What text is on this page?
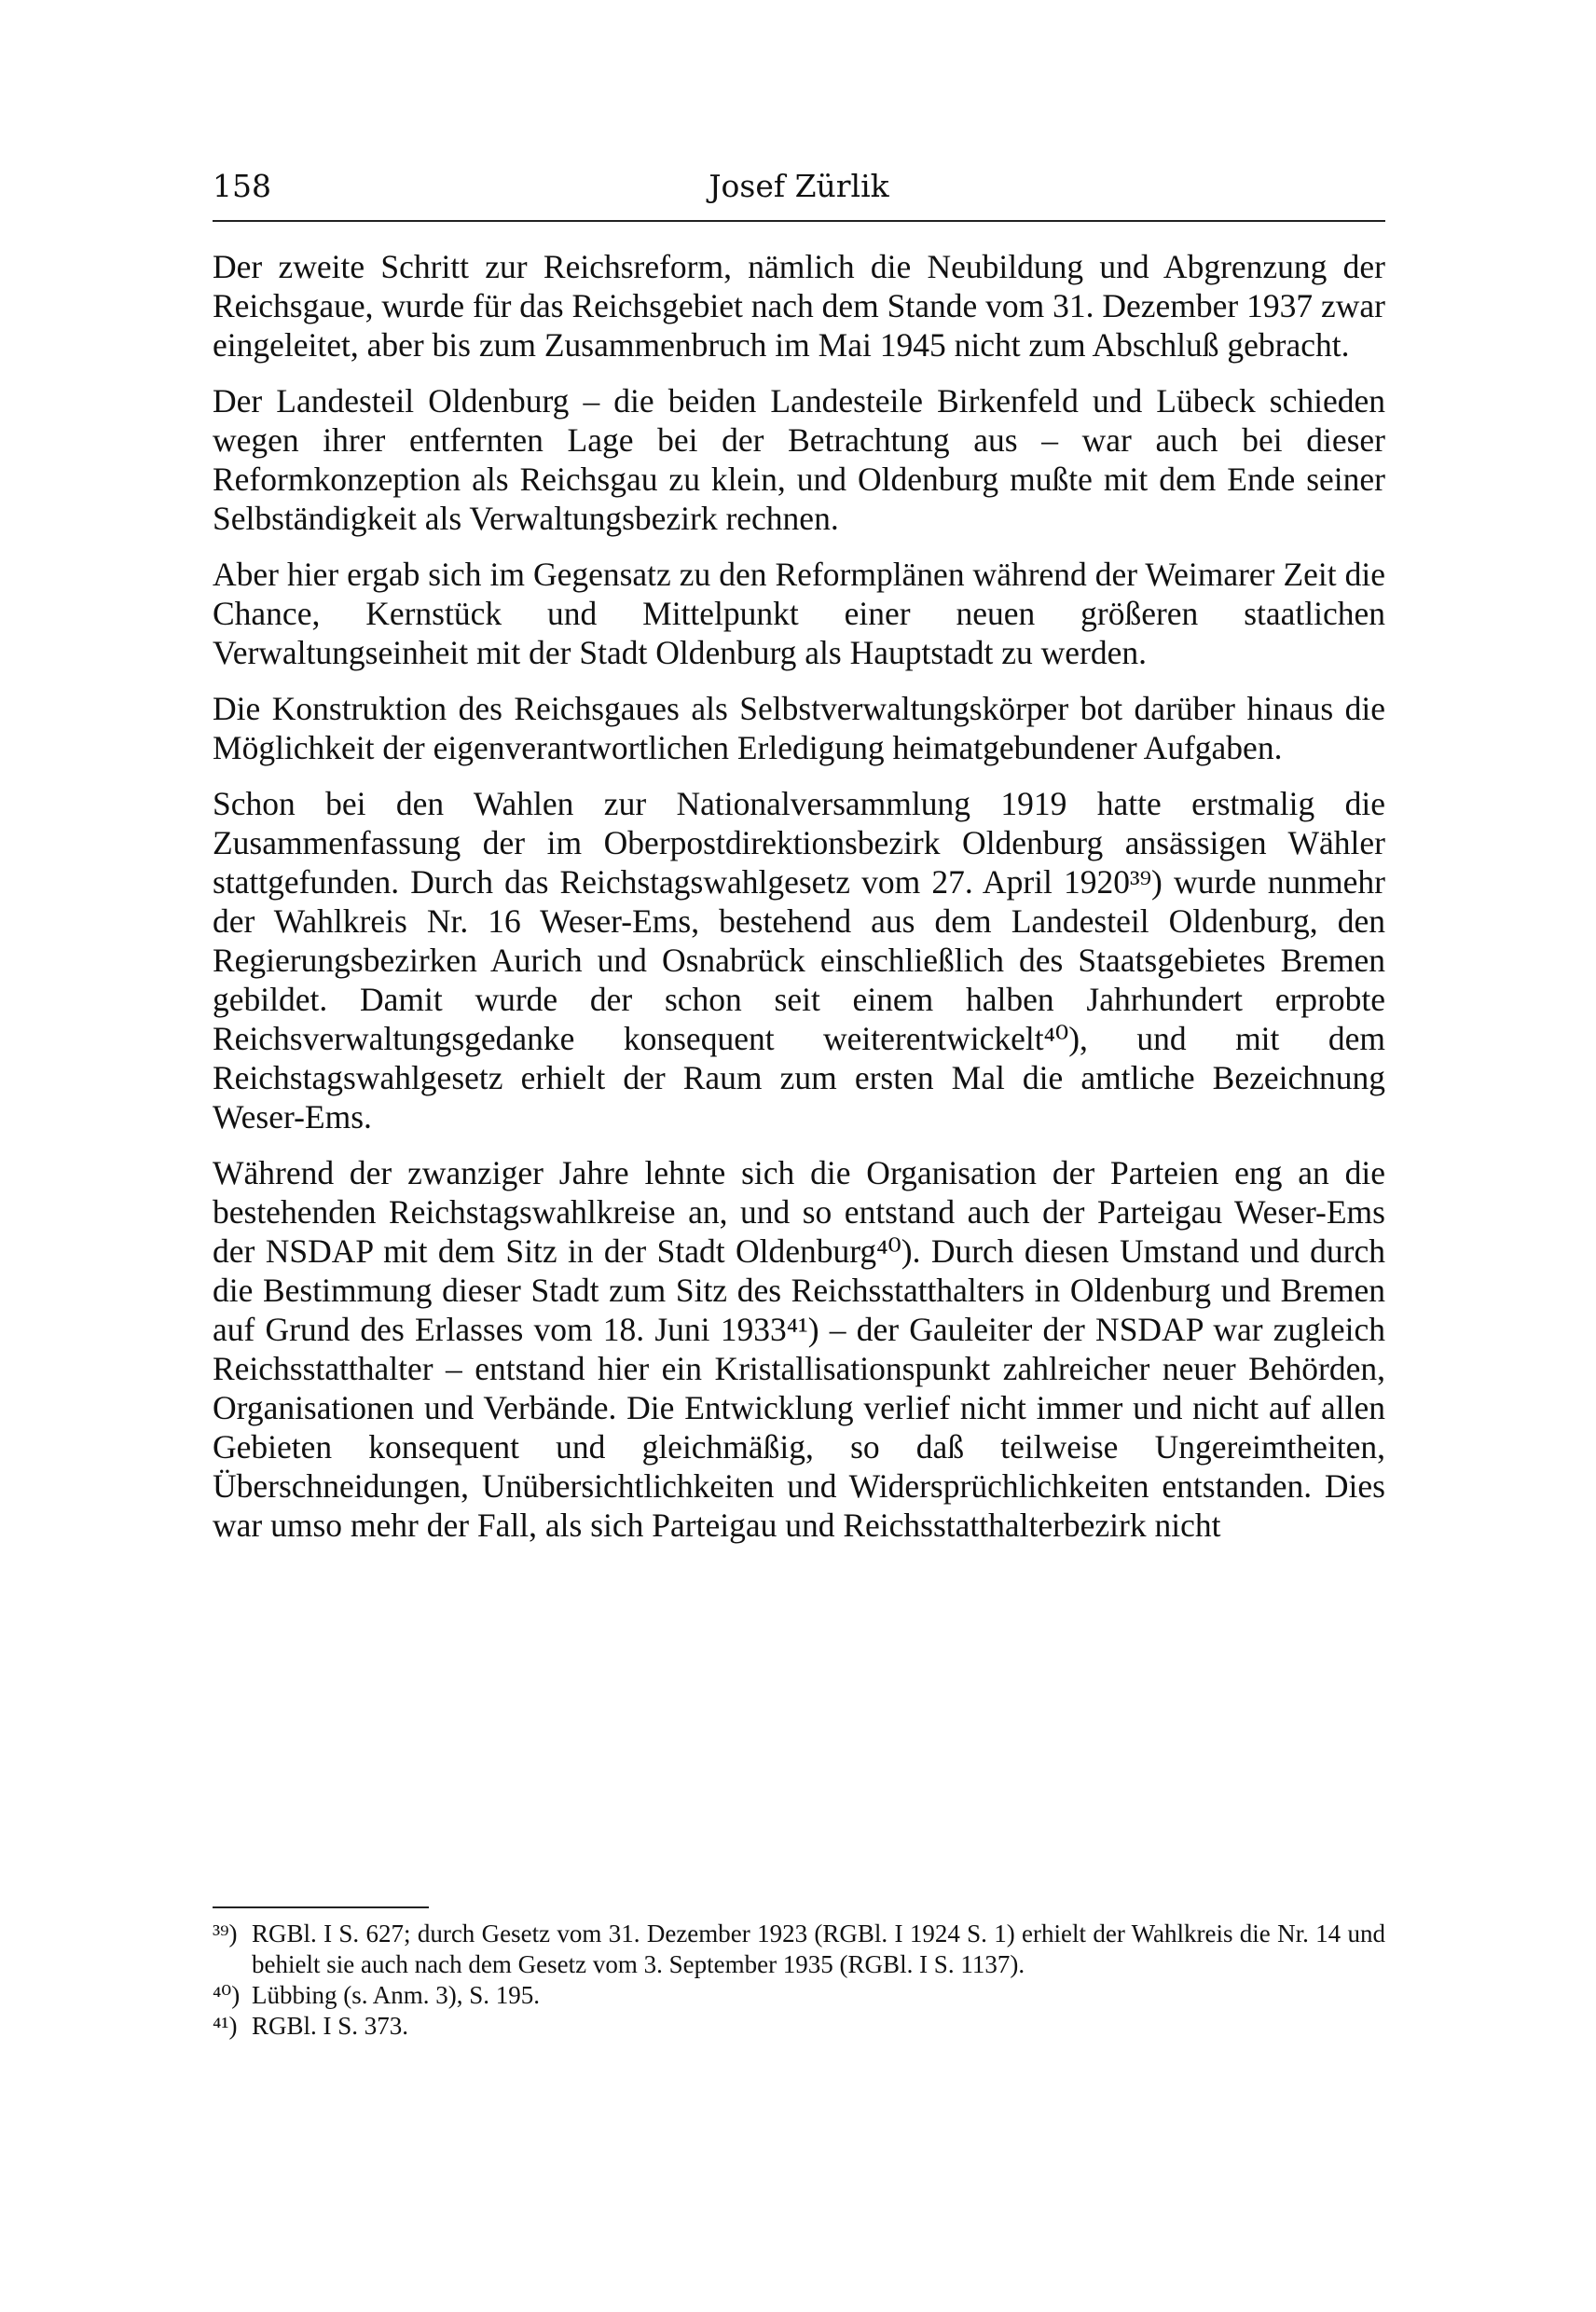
158	Josef Zürlik

Der zweite Schritt zur Reichsreform, nämlich die Neubildung und Abgrenzung der Reichsgaue, wurde für das Reichsgebiet nach dem Stande vom 31. Dezember 1937 zwar eingeleitet, aber bis zum Zusammenbruch im Mai 1945 nicht zum Abschluß gebracht.

Der Landesteil Oldenburg – die beiden Landesteile Birkenfeld und Lübeck schieden wegen ihrer entfernten Lage bei der Betrachtung aus – war auch bei dieser Reformkonzeption als Reichsgau zu klein, und Oldenburg mußte mit dem Ende seiner Selbständigkeit als Verwaltungsbezirk rechnen.

Aber hier ergab sich im Gegensatz zu den Reformplänen während der Weimarer Zeit die Chance, Kernstück und Mittelpunkt einer neuen größeren staatlichen Verwaltungseinheit mit der Stadt Oldenburg als Hauptstadt zu werden.

Die Konstruktion des Reichsgaues als Selbstverwaltungskörper bot darüber hinaus die Möglichkeit der eigenverantwortlichen Erledigung heimatgebundener Aufgaben.

Schon bei den Wahlen zur Nationalversammlung 1919 hatte erstmalig die Zusammenfassung der im Oberpostdirektionsbezirk Oldenburg ansässigen Wähler stattgefunden. Durch das Reichstagswahlgesetz vom 27. April 1920³⁹) wurde nunmehr der Wahlkreis Nr. 16 Weser-Ems, bestehend aus dem Landesteil Oldenburg, den Regierungsbezirken Aurich und Osnabrück einschließlich des Staatsgebietes Bremen gebildet. Damit wurde der schon seit einem halben Jahrhundert erprobte Reichsverwaltungsgedanke konsequent weiterentwickelt⁴⁰), und mit dem Reichstagswahlgesetz erhielt der Raum zum ersten Mal die amtliche Bezeichnung Weser-Ems.

Während der zwanziger Jahre lehnte sich die Organisation der Parteien eng an die bestehenden Reichstagswahlkreise an, und so entstand auch der Parteigau Weser-Ems der NSDAP mit dem Sitz in der Stadt Oldenburg⁴⁰). Durch diesen Umstand und durch die Bestimmung dieser Stadt zum Sitz des Reichsstatthalters in Oldenburg und Bremen auf Grund des Erlasses vom 18. Juni 1933⁴¹) – der Gauleiter der NSDAP war zugleich Reichsstatthalter – entstand hier ein Kristallisationspunkt zahlreicher neuer Behörden, Organisationen und Verbände. Die Entwicklung verlief nicht immer und nicht auf allen Gebieten konsequent und gleichmäßig, so daß teilweise Ungereimtheiten, Überschneidungen, Unübersichtlichkeiten und Widersprüchlichkeiten entstanden. Dies war umso mehr der Fall, als sich Parteigau und Reichsstatthalterbezirk nicht

³⁹) RGBl. I S. 627; durch Gesetz vom 31. Dezember 1923 (RGBl. I 1924 S. 1) erhielt der Wahlkreis die Nr. 14 und behielt sie auch nach dem Gesetz vom 3. September 1935 (RGBl. I S. 1137).
⁴⁰) Lübbing (s. Anm. 3), S. 195.
⁴¹) RGBl. I S. 373.
